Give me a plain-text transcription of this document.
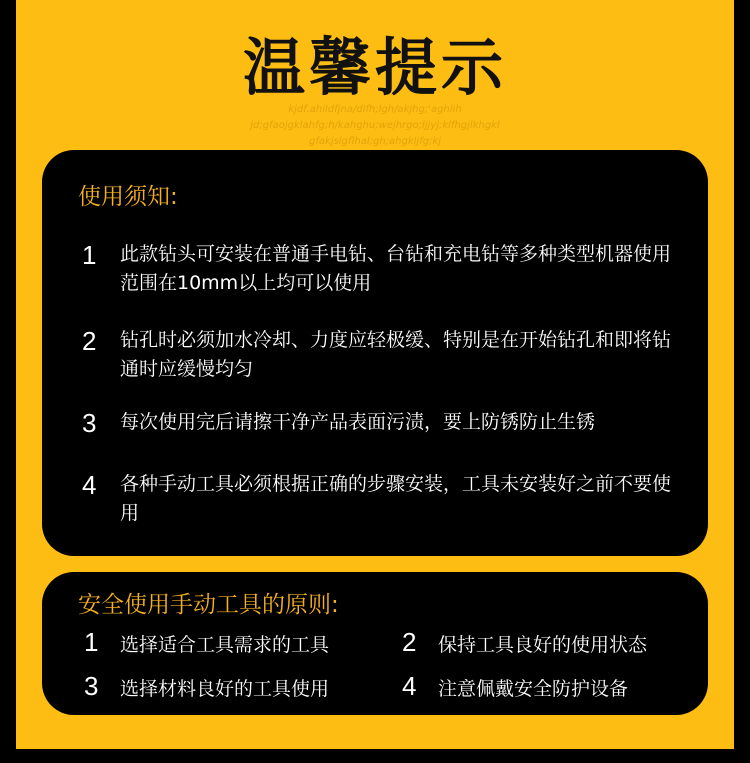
温馨提示
kjdf.ahildfjna/dlfh;lgh/akjhg;'aghlih
jd;gfaojgklahfg;h/kahghu;wejhrgo;ljjyj;klfhgjlkhgkl
gfakjslgflhal;gh;ahgkljfg;kj
使用须知:
1 此款钻头可安装在普通手电钻、台钻和充电钻等多种类型机器使用范围在10mm以上均可以使用
2 钻孔时必须加水冷却、力度应轻极缓、特别是在开始钻孔和即将钻通时应缓慢均匀
3 每次使用完后请擦干净产品表面污渍，要上防锈防止生锈
4 各种手动工具必须根据正确的步骤安装，工具未安装好之前不要使用
安全使用手动工具的原则:
1 选择适合工具需求的工具	2 保持工具良好的使用状态
3 选择材料良好的工具使用	4 注意佩戴安全防护设备
